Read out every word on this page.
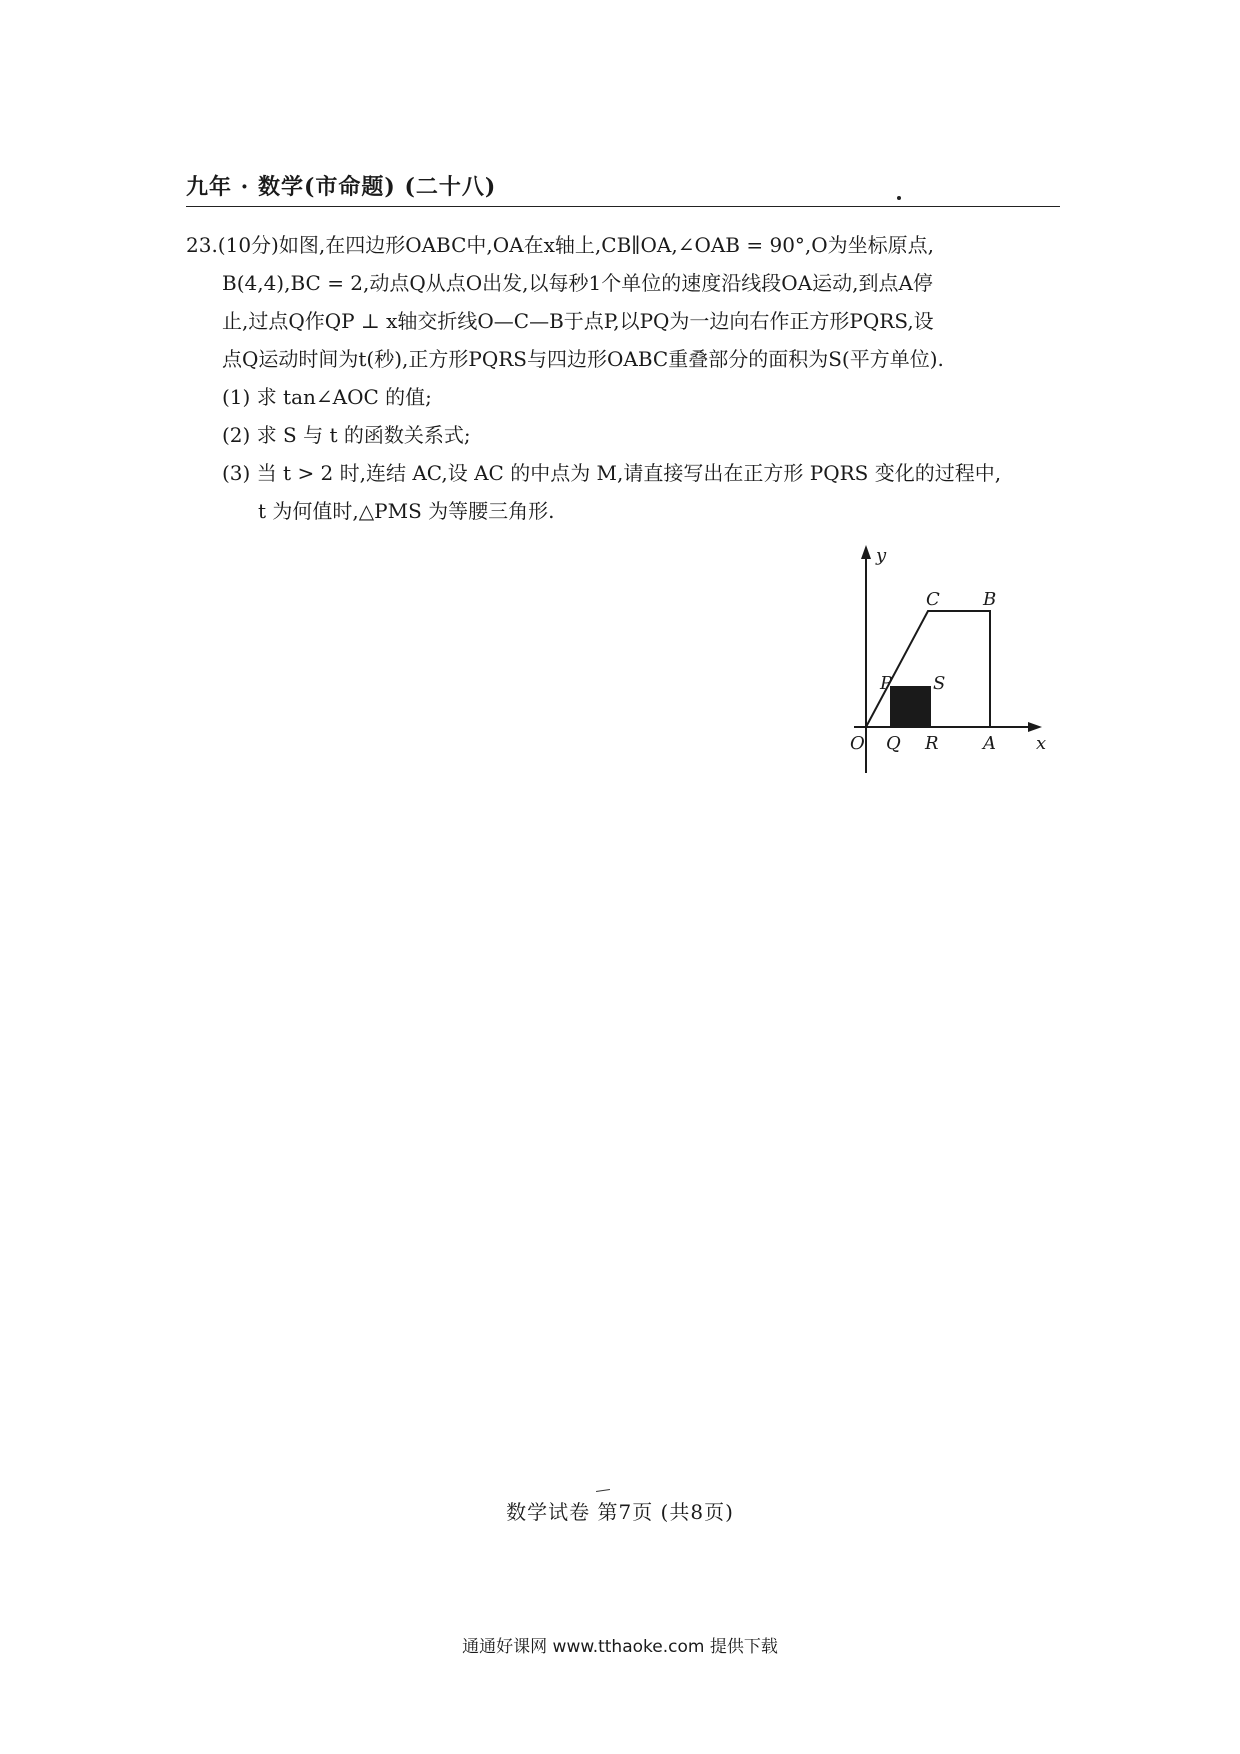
九年 · 数学(市命题) (二十八)
23.(10分)如图,在四边形OABC中,OA在x轴上,CB∥OA,∠OAB = 90°,O为坐标原点,
B(4,4),BC = 2,动点Q从点O出发,以每秒1个单位的速度沿线段OA运动,到点A停
止,过点Q作QP ⊥ x轴交折线O—C—B于点P,以PQ为一边向右作正方形PQRS,设
点Q运动时间为t(秒),正方形PQRS与四边形OABC重叠部分的面积为S(平方单位).
(1) 求 tan∠AOC 的值;
(2) 求 S 与 t 的函数关系式;
(3) 当 t > 2 时,连结 AC,设 AC 的中点为 M,请直接写出在正方形 PQRS 变化的过程中,
t 为何值时,△PMS 为等腰三角形.
y
C B
P S
O Q R A x
数学试卷 第7页 (共8页)
通通好课网 www.tthaoke.com 提供下载
